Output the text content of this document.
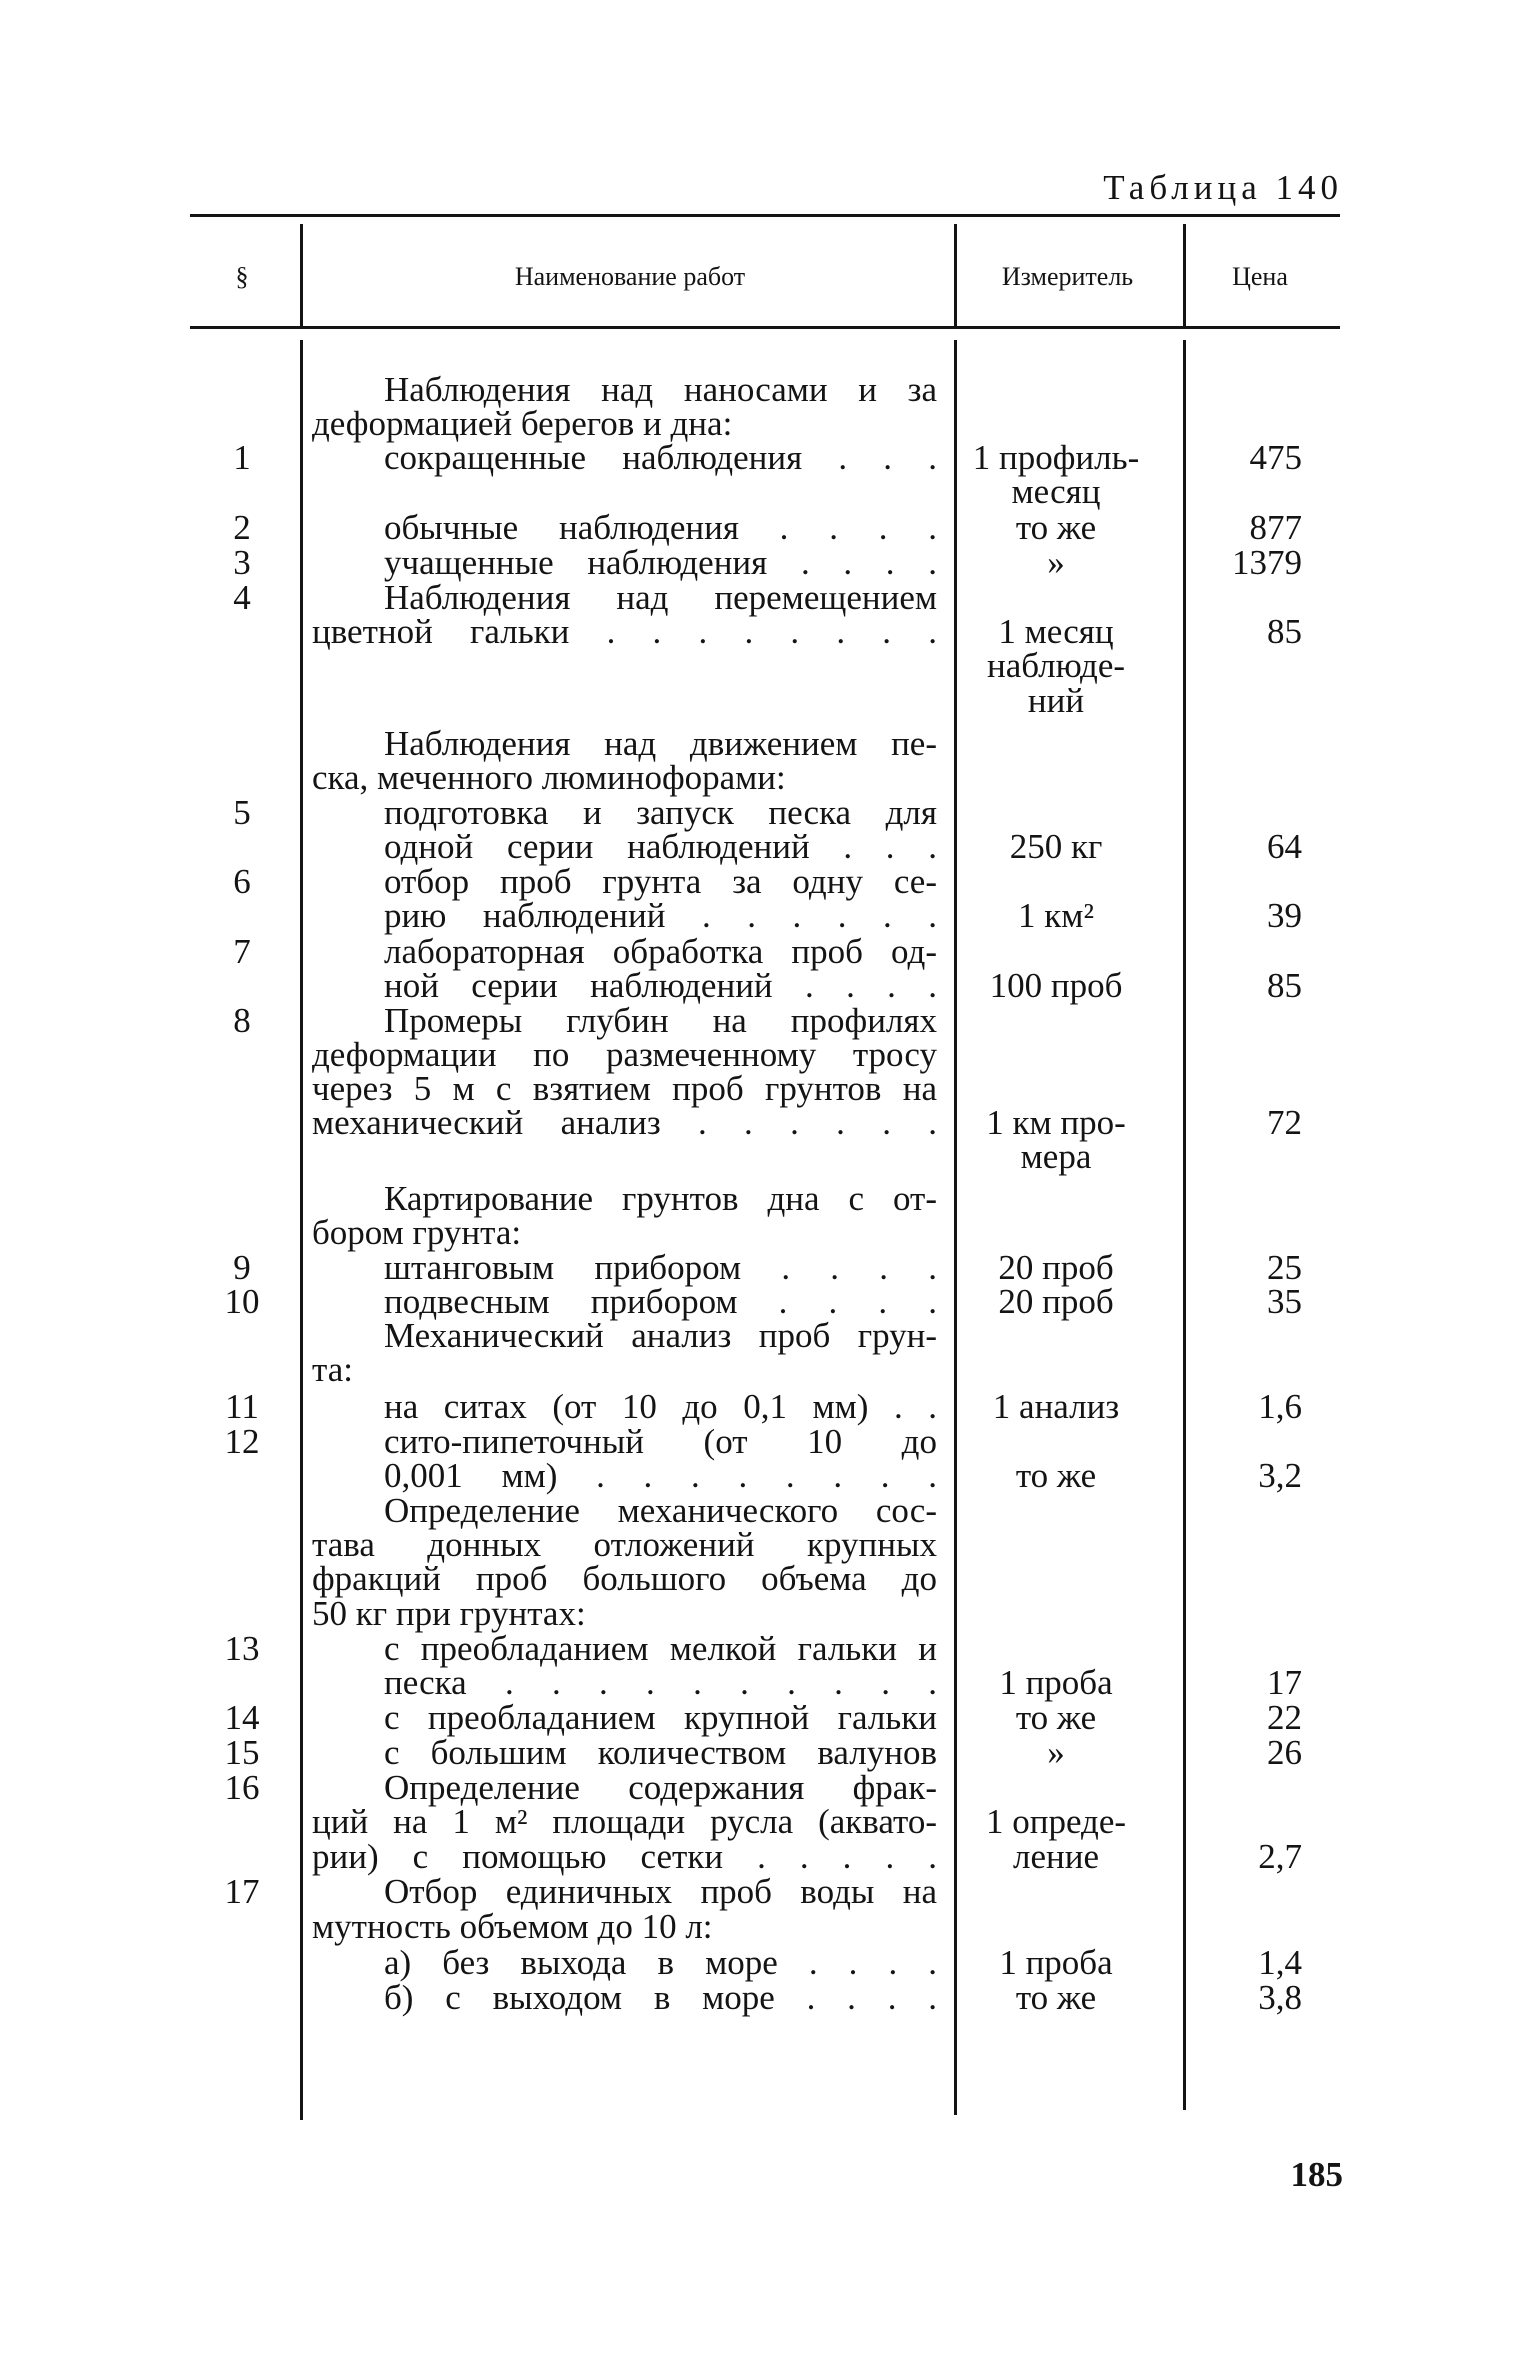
Таблица 140
§	Наименование работ	Измеритель	Цена
Наблюдения над наносами и за
деформацией берегов и дна:
1	сокращенные наблюдения . . .	1 профиль-	475
месяц
2	обычные наблюдения . . . .	то же	877
3	учащенные наблюдения . . . .	»	1379
4	Наблюдения над перемещением
цветной гальки . . . . . . . .	1 месяц	85
наблюде-
ний
Наблюдения над движением пе-
ска, меченного люминофорами:
5	подготовка и запуск песка для
одной серии наблюдений . . .	250 кг	64
6	отбор проб грунта за одну се-
рию наблюдений . . . . . .	1 км²	39
7	лабораторная обработка проб од-
ной серии наблюдений . . . .	100 проб	85
8	Промеры глубин на профилях
деформации по размеченному тросу
через 5 м с взятием проб грунтов на
механический анализ . . . . . .	1 км про-	72
мера
Картирование грунтов дна с от-
бором грунта:
9	штанговым прибором . . . .	20 проб	25
10	подвесным прибором . . . .	20 проб	35
Механический анализ проб грун-
та:
11	на ситах (от 10 до 0,1 мм) . .	1 анализ	1,6
12	сито-пипеточный (от 10 до
0,001 мм) . . . . . . . .	то же	3,2
Определение механического сос-
тава донных отложений крупных
фракций проб большого объема до
50 кг при грунтах:
13	с преобладанием мелкой гальки и
песка . . . . . . . . . .	1 проба	17
14	с преобладанием крупной гальки	то же	22
15	с большим количеством валунов	»	26
16	Определение содержания фрак-
ций на 1 м² площади русла (аквато-	1 опреде-
рии) с помощью сетки . . . . .	ление	2,7
17	Отбор единичных проб воды на
мутность объемом до 10 л:
а) без выхода в море . . . .	1 проба	1,4
б) с выходом в море . . . .	то же	3,8
185
